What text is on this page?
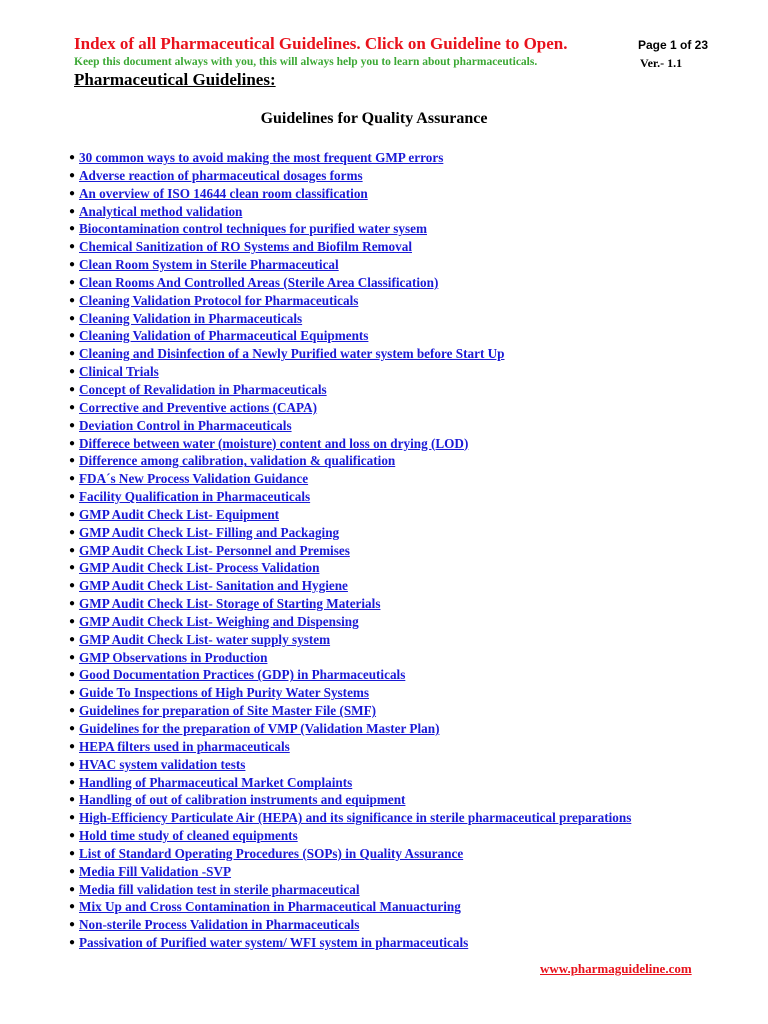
Index of all Pharmaceutical Guidelines. Click on Guideline to Open.	Page 1 of 23
Keep this document always with you, this will always help you to learn about pharmaceuticals.	Ver.- 1.1
Pharmaceutical Guidelines:
Guidelines for Quality Assurance
● 30 common ways to avoid making the most frequent GMP errors
● Adverse reaction of pharmaceutical dosages forms
● An overview of ISO 14644 clean room classification
● Analytical method validation
● Biocontamination control techniques for purified water sysem
● Chemical Sanitization of RO Systems and Biofilm Removal
● Clean Room System in Sterile Pharmaceutical
● Clean Rooms And Controlled Areas (Sterile Area Classification)
● Cleaning Validation Protocol for Pharmaceuticals
● Cleaning Validation in Pharmaceuticals
● Cleaning Validation of Pharmaceutical Equipments
● Cleaning and Disinfection of a Newly Purified water system before Start Up
● Clinical Trials
● Concept of Revalidation in Pharmaceuticals
● Corrective and Preventive actions (CAPA)
● Deviation Control in Pharmaceuticals
● Differece between water (moisture) content and loss on drying (LOD)
● Difference among calibration, validation & qualification
● FDA´s New Process Validation Guidance
● Facility Qualification in Pharmaceuticals
● GMP Audit Check List- Equipment
● GMP Audit Check List- Filling and Packaging
● GMP Audit Check List- Personnel and Premises
● GMP Audit Check List- Process Validation
● GMP Audit Check List- Sanitation and Hygiene
● GMP Audit Check List- Storage of Starting Materials
● GMP Audit Check List- Weighing and Dispensing
● GMP Audit Check List- water supply system
● GMP Observations in Production
● Good Documentation Practices (GDP) in Pharmaceuticals
● Guide To Inspections of High Purity Water Systems
● Guidelines for preparation of Site Master File (SMF)
● Guidelines for the preparation of VMP (Validation Master Plan)
● HEPA filters used in pharmaceuticals
● HVAC system validation tests
● Handling of Pharmaceutical Market Complaints
● Handling of out of calibration instruments and equipment
● High-Efficiency Particulate Air (HEPA) and its significance in sterile pharmaceutical preparations
● Hold time study of cleaned equipments
● List of Standard Operating Procedures (SOPs) in Quality Assurance
● Media Fill Validation -SVP
● Media fill validation test in sterile pharmaceutical
● Mix Up and Cross Contamination in Pharmaceutical Manuacturing
● Non-sterile Process Validation in Pharmaceuticals
● Passivation of Purified water system/ WFI system in pharmaceuticals
www.pharmaguideline.com
